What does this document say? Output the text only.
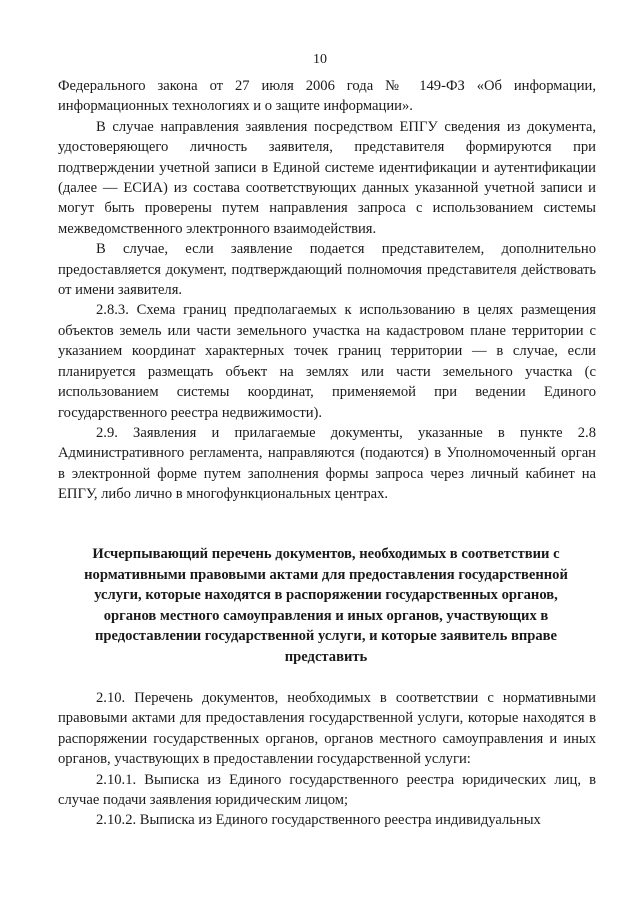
10

Федерального закона от 27 июля 2006 года № 149-ФЗ «Об информации, информационных технологиях и о защите информации».

В случае направления заявления посредством ЕПГУ сведения из документа, удостоверяющего личность заявителя, представителя формируются при подтверждении учетной записи в Единой системе идентификации и аутентификации (далее — ЕСИА) из состава соответствующих данных указанной учетной записи и могут быть проверены путем направления запроса с использованием системы межведомственного электронного взаимодействия.

В случае, если заявление подается представителем, дополнительно предоставляется документ, подтверждающий полномочия представителя действовать от имени заявителя.

2.8.3. Схема границ предполагаемых к использованию в целях размещения объектов земель или части земельного участка на кадастровом плане территории с указанием координат характерных точек границ территории — в случае, если планируется размещать объект на землях или части земельного участка (с использованием системы координат, применяемой при ведении Единого государственного реестра недвижимости).

2.9. Заявления и прилагаемые документы, указанные в пункте 2.8 Административного регламента, направляются (подаются) в Уполномоченный орган в электронной форме путем заполнения формы запроса через личный кабинет на ЕПГУ, либо лично в многофункциональных центрах.

Исчерпывающий перечень документов, необходимых в соответствии с
нормативными правовыми актами для предоставления государственной
услуги, которые находятся в распоряжении государственных органов,
органов местного самоуправления и иных органов, участвующих в
предоставлении государственной услуги, и которые заявитель вправе
представить

2.10. Перечень документов, необходимых в соответствии с нормативными правовыми актами для предоставления государственной услуги, которые находятся в распоряжении государственных органов, органов местного самоуправления и иных органов, участвующих в предоставлении государственной услуги:

2.10.1. Выписка из Единого государственного реестра юридических лиц, в случае подачи заявления юридическим лицом;

2.10.2. Выписка из Единого государственного реестра индивидуальных
